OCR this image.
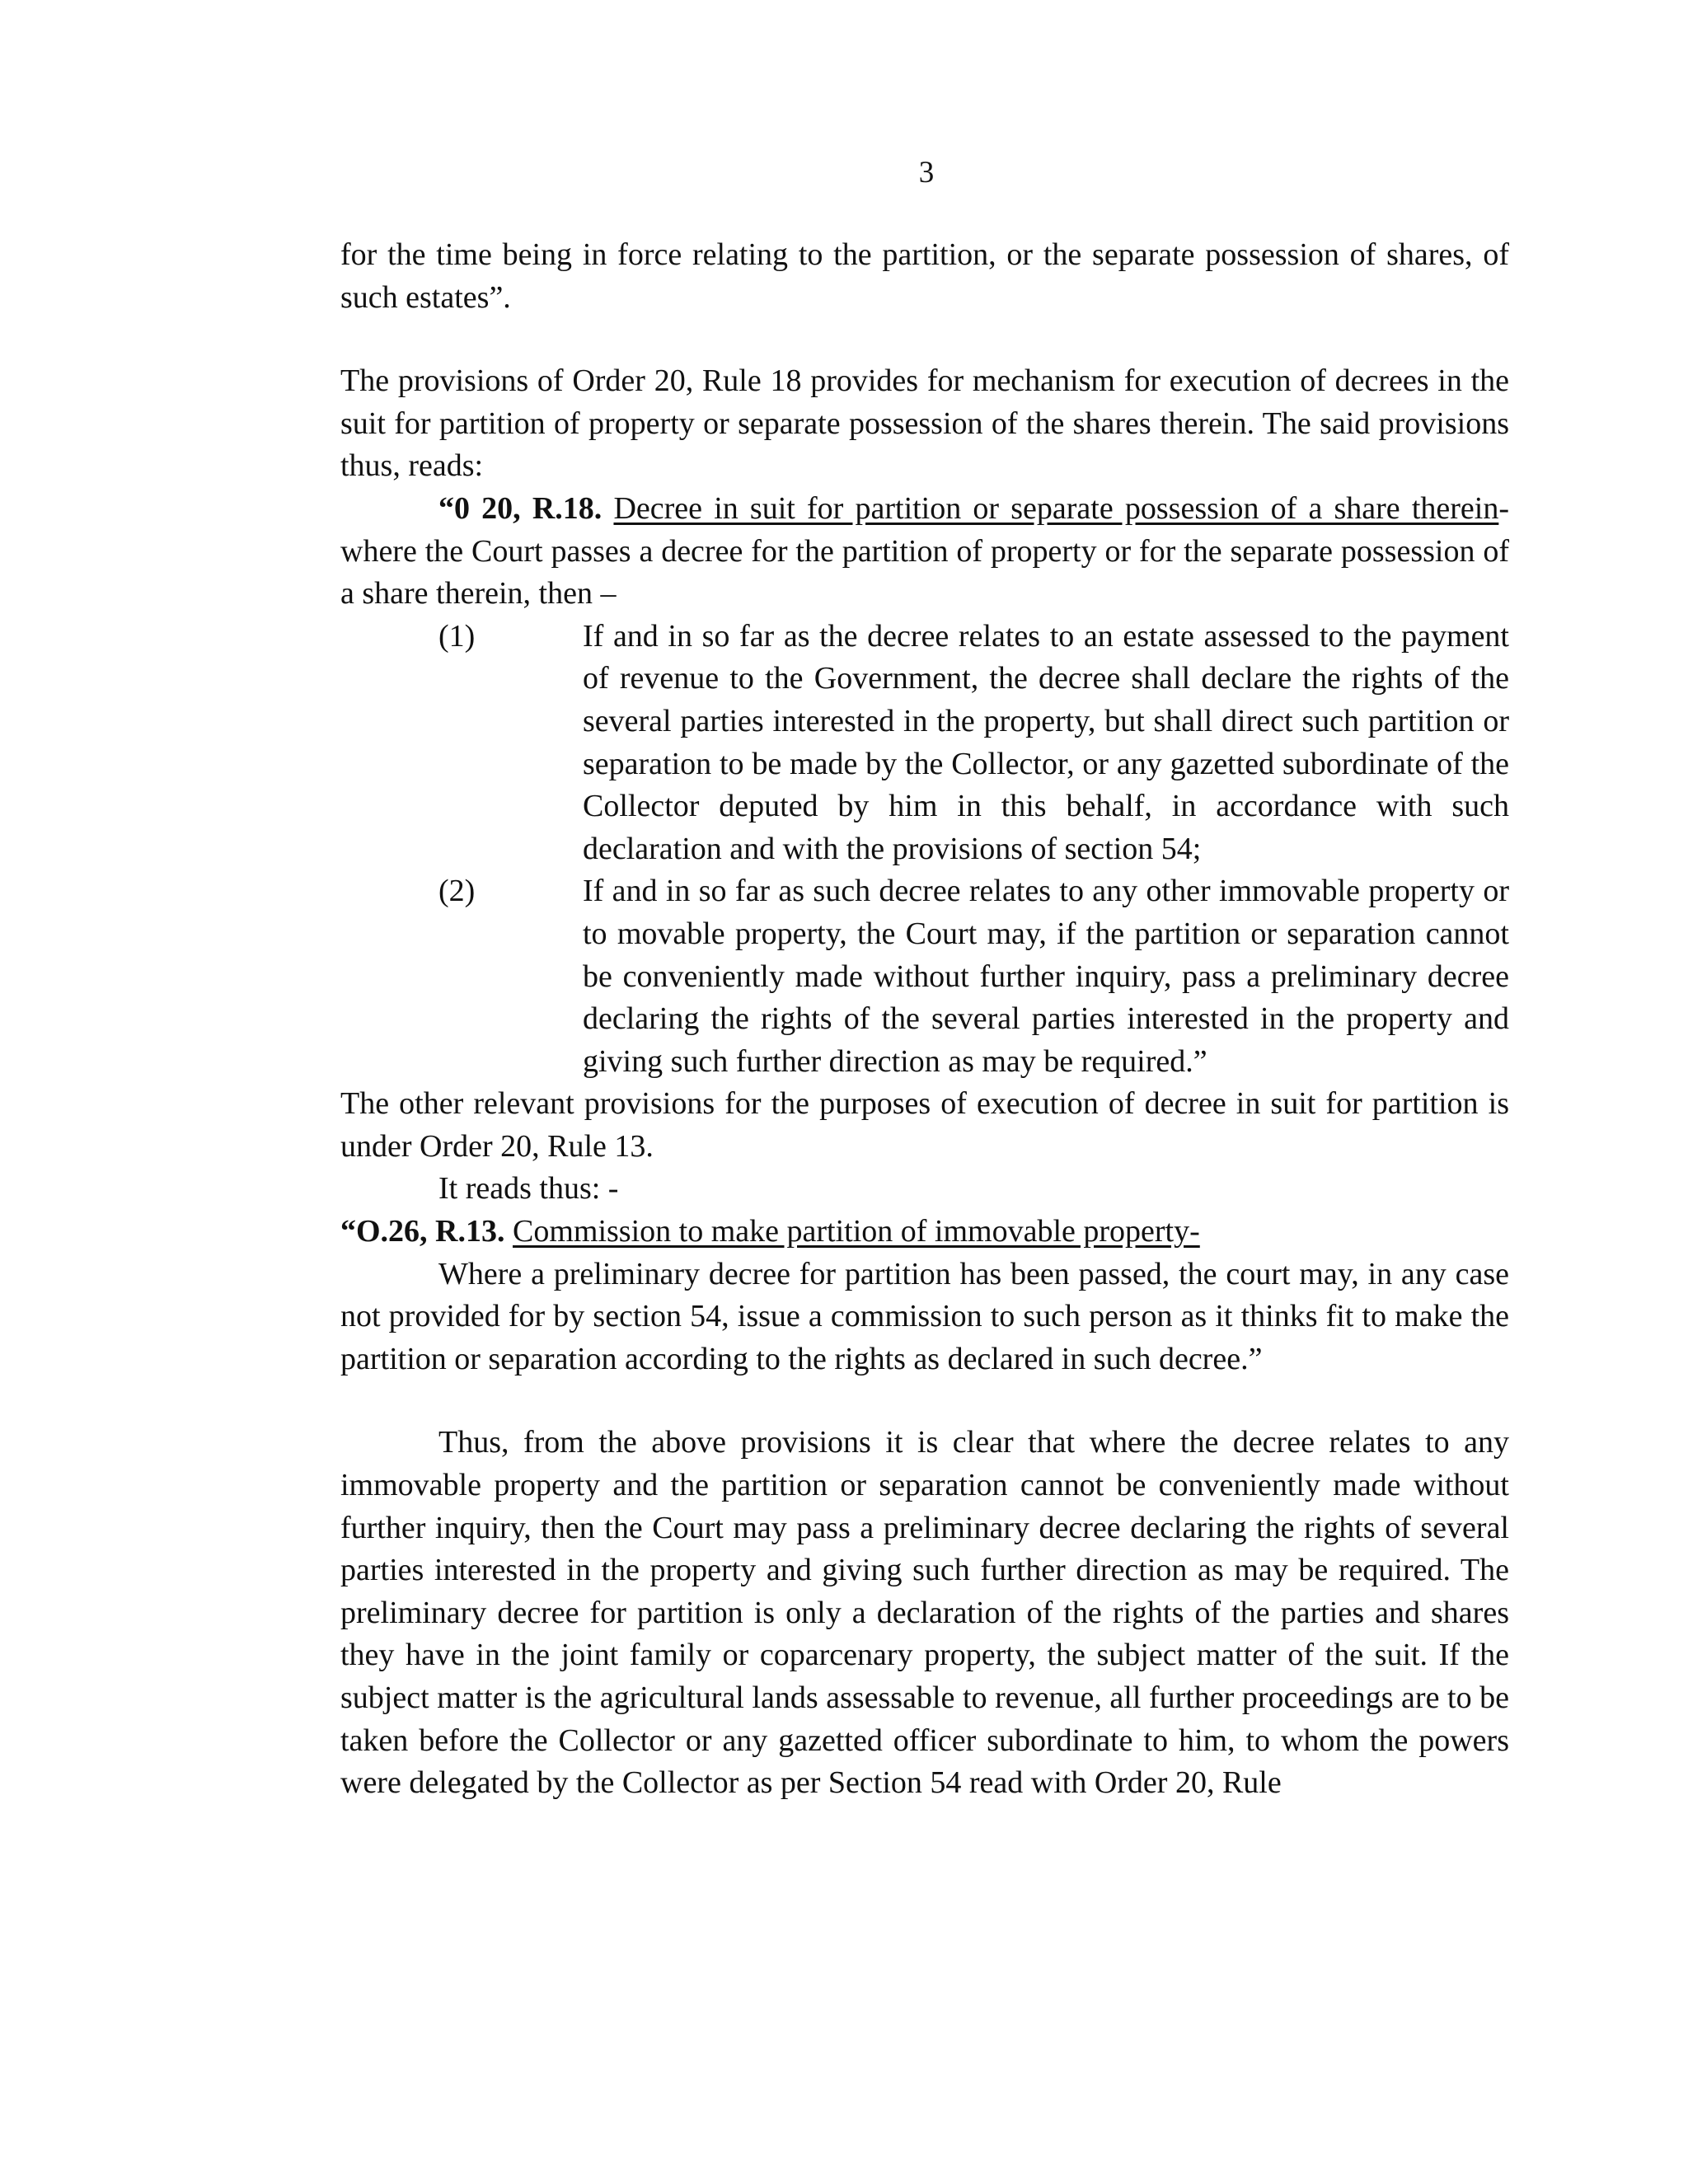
3

for the time being in force relating to the partition, or the separate possession of shares, of such estates”.

The provisions of Order 20, Rule 18 provides for mechanism for execution of decrees in the suit for partition of property or separate possession of the shares therein. The said provisions thus, reads:

“0 20, R.18. Decree in suit for partition or separate possession of a share therein- where the Court passes a decree for the partition of property or for the separate possession of a share therein, then –

(1)	If and in so far as the decree relates to an estate assessed to the payment of revenue to the Government, the decree shall declare the rights of the several parties interested in the property, but shall direct such partition or separation to be made by the Collector, or any gazetted subordinate of the Collector deputed by him in this behalf, in accordance with such declaration and with the provisions of section 54;
(2)	If and in so far as such decree relates to any other immovable property or to movable property, the Court may, if the partition or separation cannot be conveniently made without further inquiry, pass a preliminary decree declaring the rights of the several parties interested in the property and giving such further direction as may be required.”

The other relevant provisions for the purposes of execution of decree in suit for partition is under Order 20, Rule 13.

It reads thus: -

“O.26, R.13. Commission to make partition of immovable property-

Where a preliminary decree for partition has been passed, the court may, in any case not provided for by section 54, issue a commission to such person as it thinks fit to make the partition or separation according to the rights as declared in such decree.”

Thus, from the above provisions it is clear that where the decree relates to any immovable property and the partition or separation cannot be conveniently made without further inquiry, then the Court may pass a preliminary decree declaring the rights of several parties interested in the property and giving such further direction as may be required. The preliminary decree for partition is only a declaration of the rights of the parties and shares they have in the joint family or coparcenary property, the subject matter of the suit. If the subject matter is the agricultural lands assessable to revenue, all further proceedings are to be taken before the Collector or any gazetted officer subordinate to him, to whom the powers were delegated by the Collector as per Section 54 read with Order 20, Rule
